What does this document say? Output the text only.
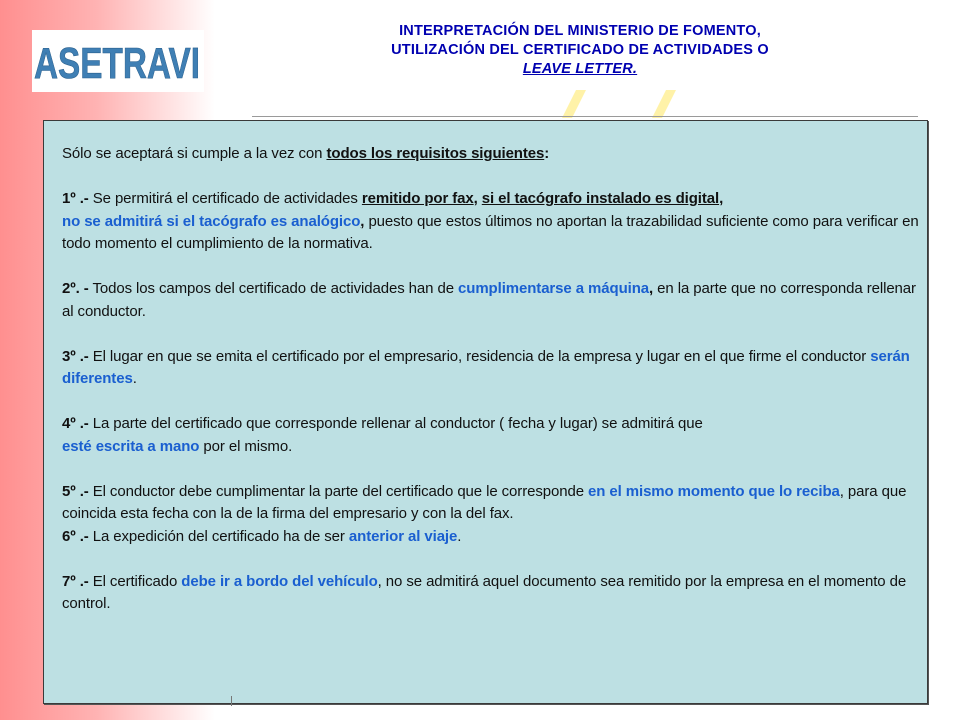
ASETRAVI
INTERPRETACIÓN DEL MINISTERIO DE FOMENTO,
UTILIZACIÓN DEL CERTIFICADO DE ACTIVIDADES O
LEAVE LETTER.

Sólo se aceptará si cumple a la vez con todos los requisitos siguientes:

1º .- Se permitirá el certificado de actividades remitido por fax, si el tacógrafo instalado es digital,
no se admitirá si el tacógrafo es analógico, puesto que estos últimos no aportan la trazabilidad suficiente como para verificar en todo momento el cumplimiento de la normativa.

2º. - Todos los campos del certificado de actividades han de cumplimentarse a máquina, en la parte que no corresponda rellenar al conductor.

3º .- El lugar en que se emita el certificado por el empresario, residencia de la empresa y lugar en el que firme el conductor serán diferentes.

4º .- La parte del certificado que corresponde rellenar al conductor ( fecha y lugar) se admitirá que
esté escrita a mano por el mismo.

5º .- El conductor debe cumplimentar la parte del certificado que le corresponde en el mismo momento que lo reciba, para que coincida esta fecha con la de la firma del empresario y con la del fax.

6º .- La expedición del certificado ha de ser anterior al viaje.

7º .- El certificado debe ir a bordo del vehículo, no se admitirá aquel documento sea remitido por la empresa en el momento de control.
